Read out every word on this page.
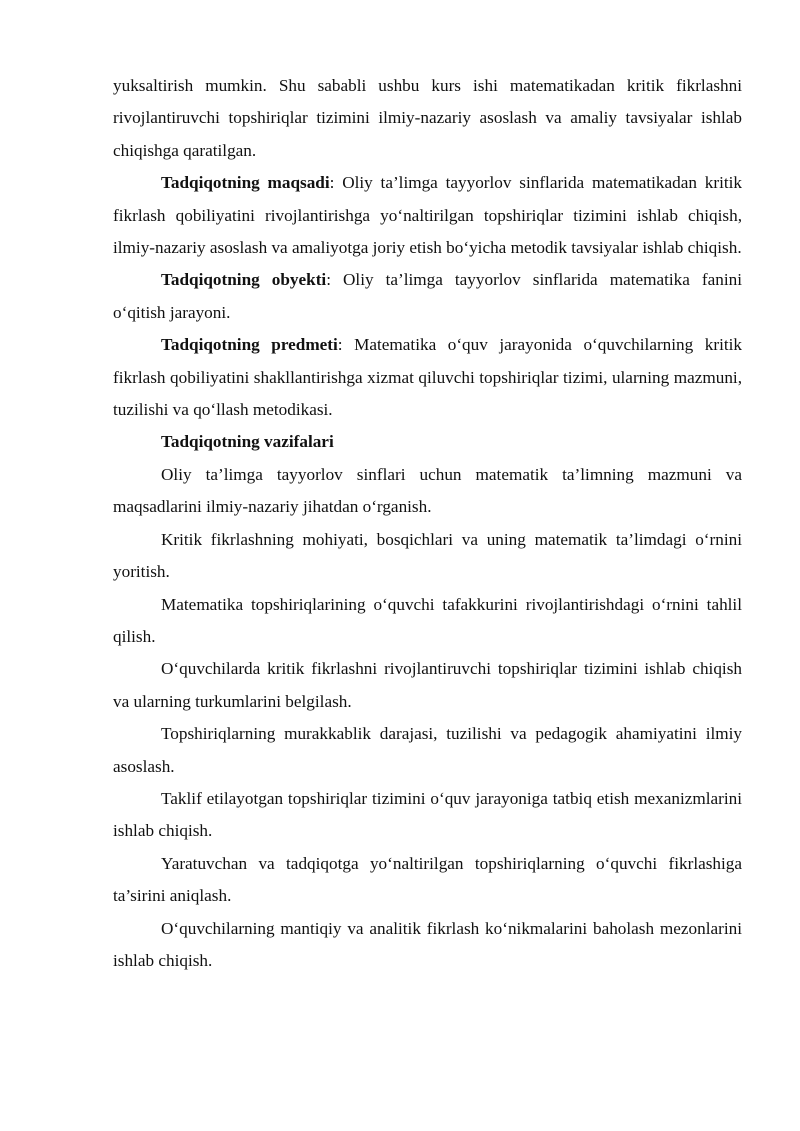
yuksaltirish mumkin. Shu sababli ushbu kurs ishi matematikadan kritik fikrlashni rivojlantiruvchi topshiriqlar tizimini ilmiy-nazariy asoslash va amaliy tavsiyalar ishlab chiqishga qaratilgan.

Tadqiqotning maqsadi: Oliy ta’limga tayyorlov sinflarida matematikadan kritik fikrlash qobiliyatini rivojlantirishga yo‘naltirilgan topshiriqlar tizimini ishlab chiqish, ilmiy-nazariy asoslash va amaliyotga joriy etish bo‘yicha metodik tavsiyalar ishlab chiqish.

Tadqiqotning obyekti: Oliy ta’limga tayyorlov sinflarida matematika fanini o‘qitish jarayoni.

Tadqiqotning predmeti: Matematika o‘quv jarayonida o‘quvchilarning kritik fikrlash qobiliyatini shakllantirishga xizmat qiluvchi topshiriqlar tizimi, ularning mazmuni, tuzilishi va qo‘llash metodikasi.

Tadqiqotning vazifalari

Oliy ta’limga tayyorlov sinflari uchun matematik ta’limning mazmuni va maqsadlarini ilmiy-nazariy jihatdan o‘rganish.

Kritik fikrlashning mohiyati, bosqichlari va uning matematik ta’limdagi o‘rnini yoritish.

Matematika topshiriqlarining o‘quvchi tafakkurini rivojlantirishdagi o‘rnini tahlil qilish.

O‘quvchilarda kritik fikrlashni rivojlantiruvchi topshiriqlar tizimini ishlab chiqish va ularning turkumlarini belgilash.

Topshiriqlarning murakkablik darajasi, tuzilishi va pedagogik ahamiyatini ilmiy asoslash.

Taklif etilayotgan topshiriqlar tizimini o‘quv jarayoniga tatbiq etish mexanizmlarini ishlab chiqish.

Yaratuvchan va tadqiqotga yo‘naltirilgan topshiriqlarning o‘quvchi fikrlashiga ta’sirini aniqlash.

O‘quvchilarning mantiqiy va analitik fikrlash ko‘nikmalarini baholash mezonlarini ishlab chiqish.
